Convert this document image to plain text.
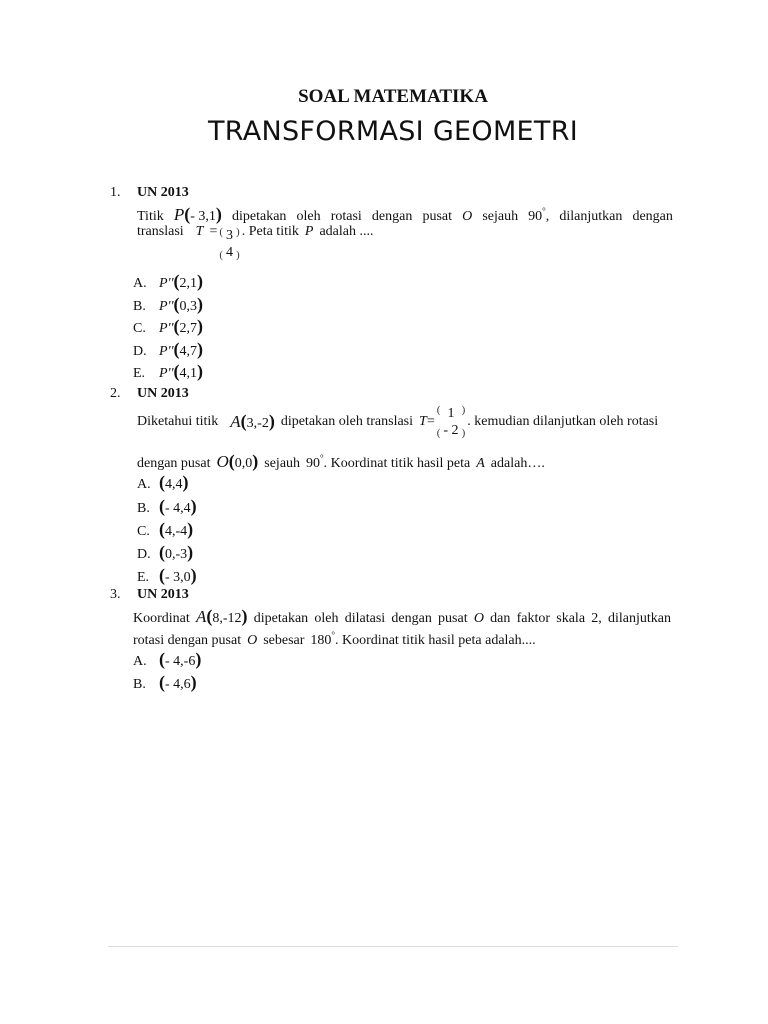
SOAL MATEMATIKA
TRANSFORMASI GEOMETRI
1. UN 2013
Titik P(- 3,1) dipetakan oleh rotasi dengan pusat O sejauh 90°, dilanjutkan dengan
translasi T = (
(
3
4
)
)
. Peta titik P adalah ....
A. P''(2,1)
B. P''(0,3)
C. P''(2,7)
D. P''(4,7)
E. P''(4,1)
2. UN 2013
Diketahui titik A(3,-2) dipetakan oleh translasi T =
(
(
1
- 2
)
)
. kemudian dilanjutkan oleh rotasi
dengan pusat O(0,0) sejauh 90° . Koordinat titik hasil peta A adalah….
A. (4,4)
B. (- 4,4)
C. (4,-4)
D. (0,-3)
E. (- 3,0)
3. UN 2013
Koordinat A(8,-12) dipetakan oleh dilatasi dengan pusat O dan faktor skala 2, dilanjutkan
rotasi dengan pusat O sebesar 180° . Koordinat titik hasil peta adalah....
A. (- 4,-6)
B. (- 4,6)
